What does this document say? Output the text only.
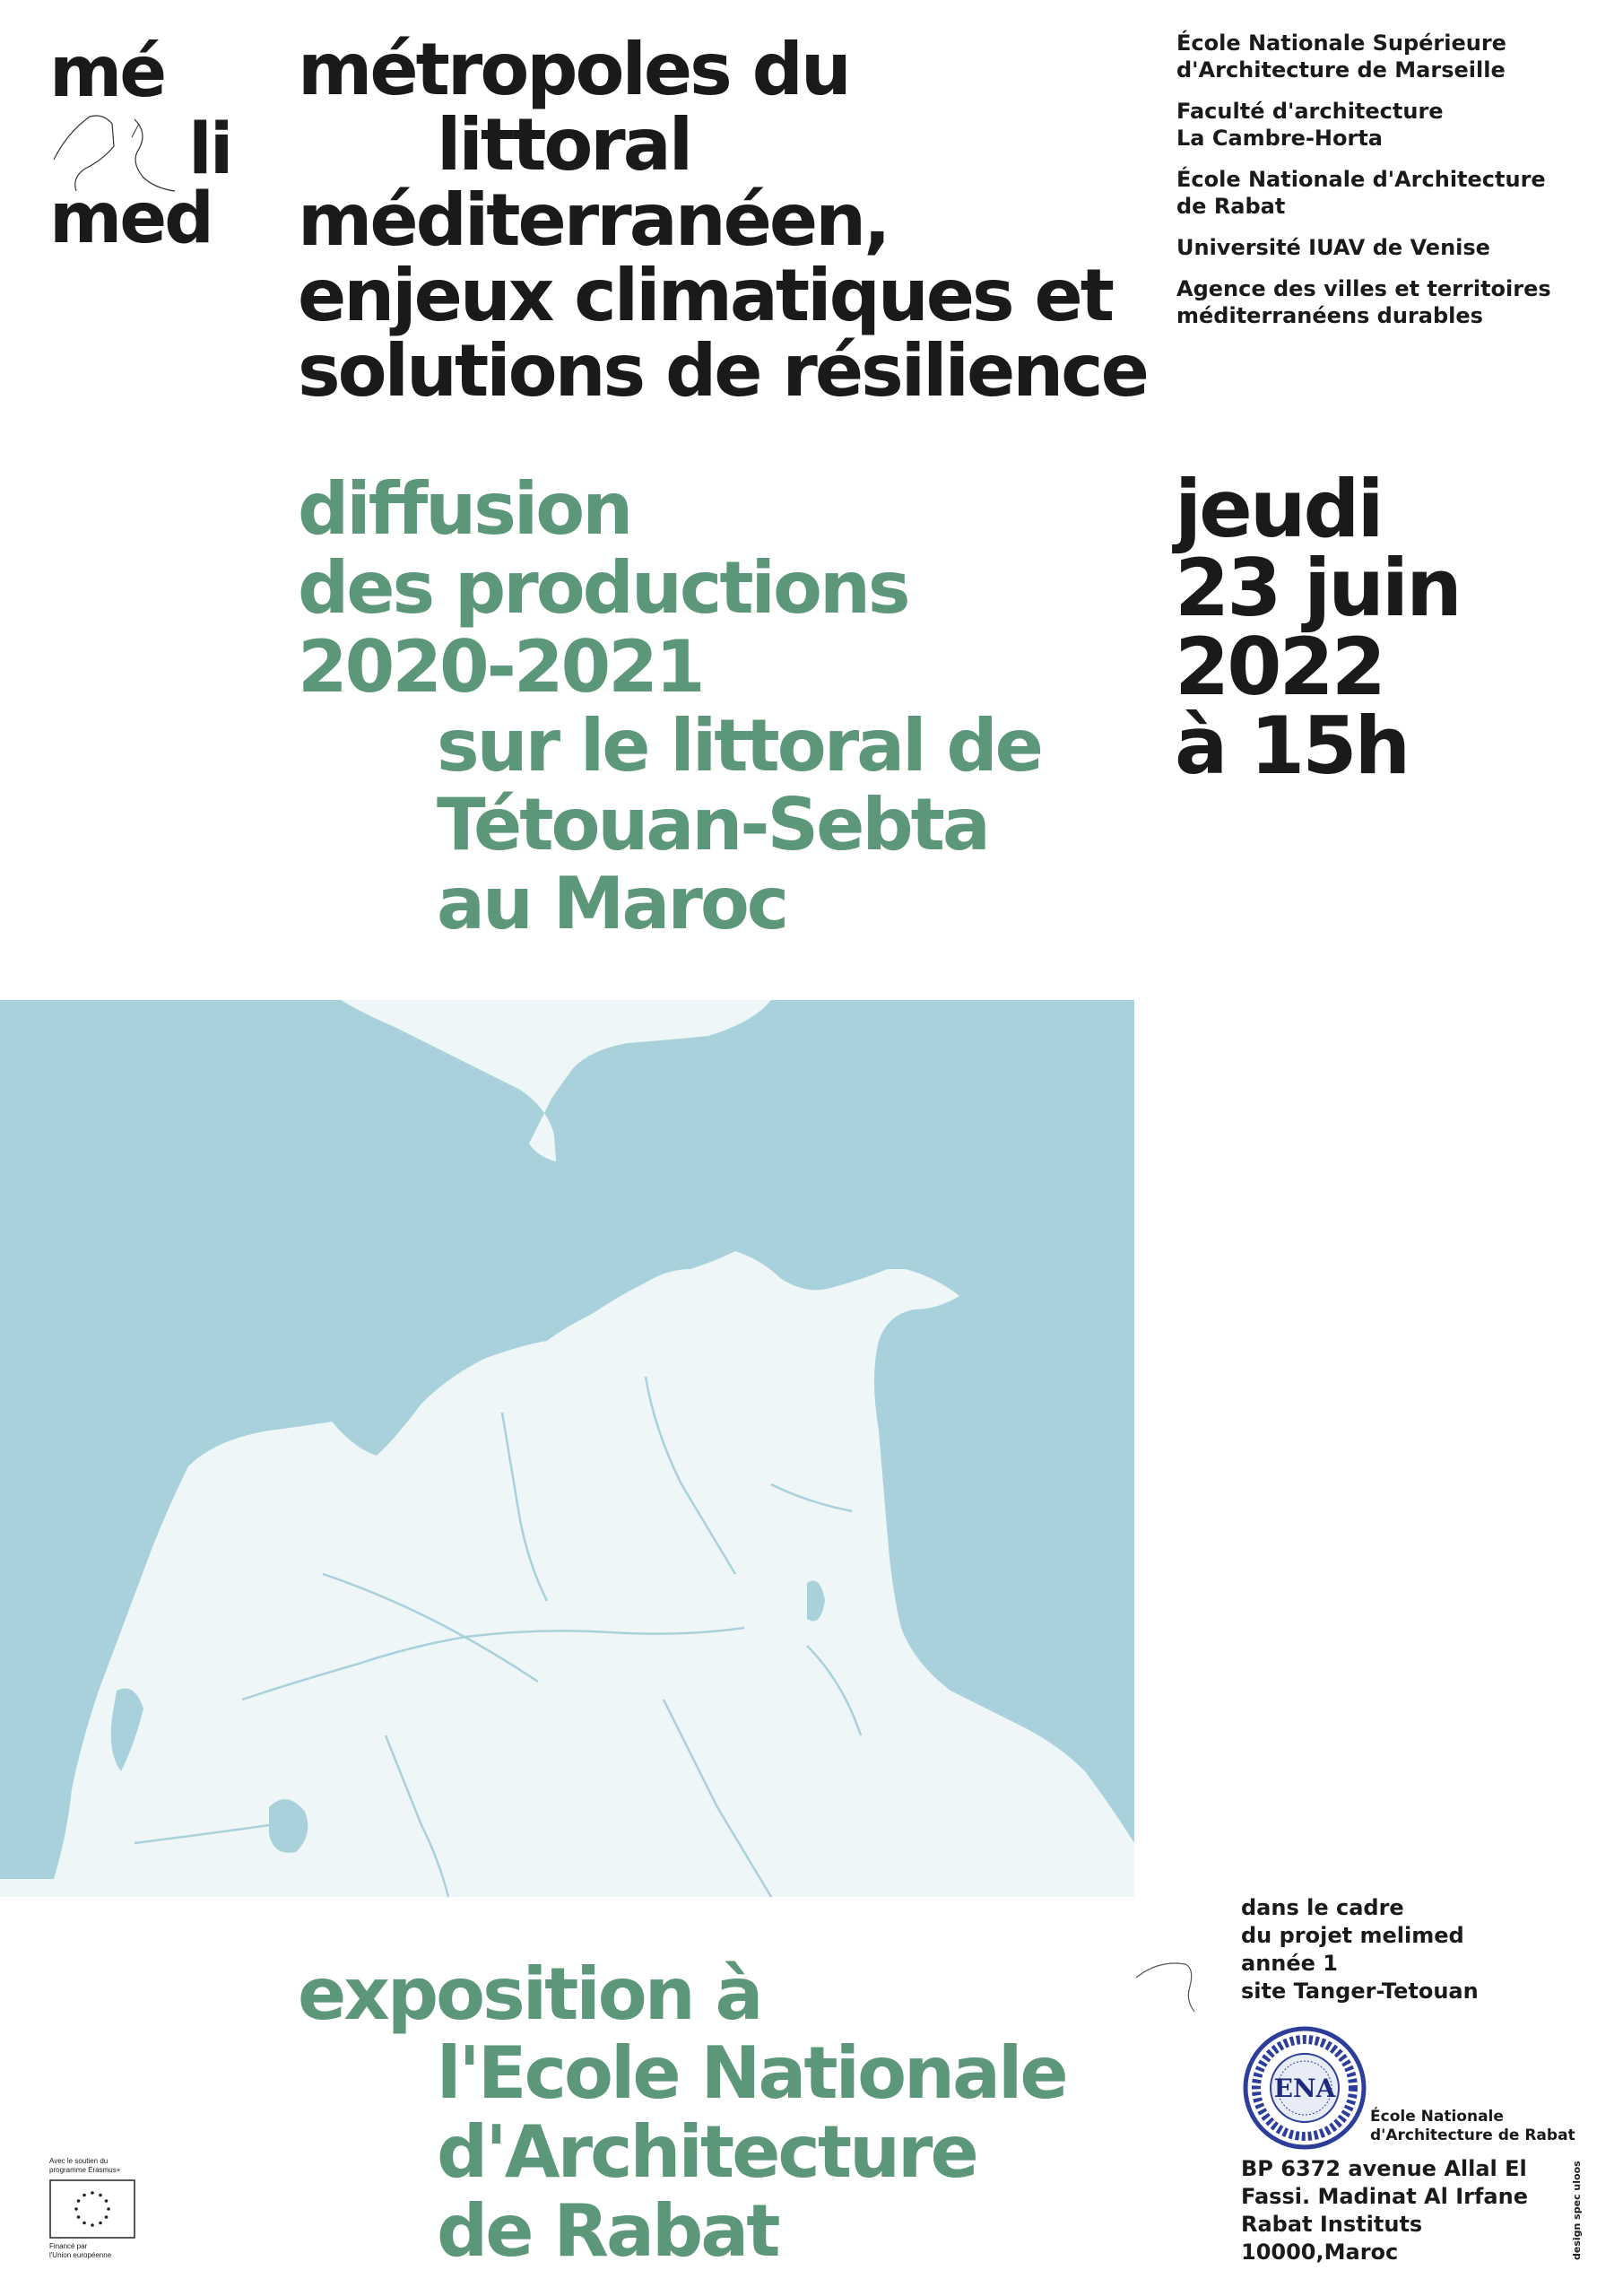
mé
li
med
métropoles du
littoral
méditerranéen,
enjeux climatiques et
solutions de résilience
École Nationale Supérieure
d'Architecture de Marseille
Faculté d'architecture
La Cambre-Horta
École Nationale d'Architecture
de Rabat
Université IUAV de Venise
Agence des villes et territoires
méditerranéens durables
diffusion
des productions
2020-2021
sur le littoral de
Tétouan-Sebta
au Maroc
jeudi
23 juin
2022
à 15h
dans le cadre
du projet melimed
année 1
site Tanger-Tetouan
exposition à
l'Ecole Nationale
d'Architecture
de Rabat
ENA
École Nationale
d'Architecture de Rabat
BP 6372 avenue Allal El
Fassi. Madinat Al Irfane
Rabat Instituts
10000,Maroc	design spec uloos
Avec le soutien du
programme Erasmus+
Financé par
l'Union européenne
